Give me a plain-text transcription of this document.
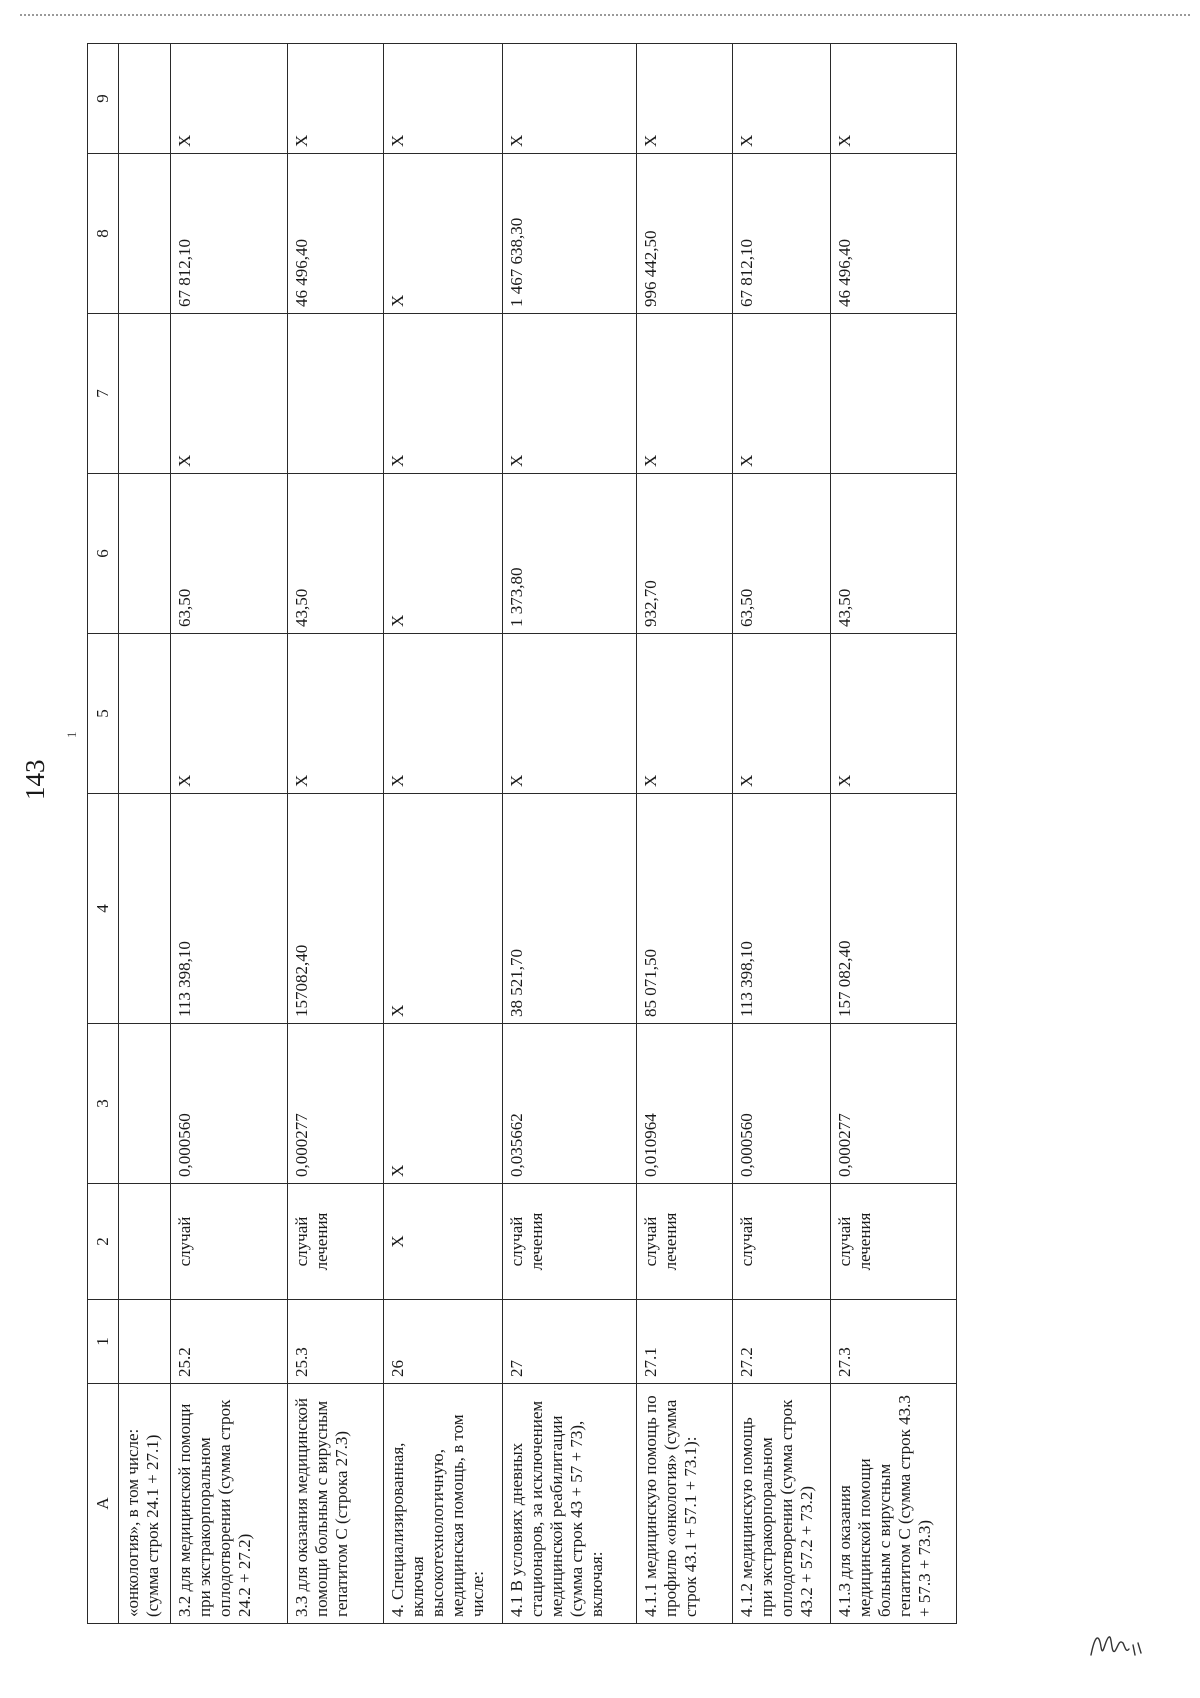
143
1
A	1	2	3	4	5	6	7	8	9
«онкология», в том числе: (сумма строк 24.1 + 27.1)									
3.2 для медицинской помощи при экстракорпоральном оплодотворении (сумма строк 24.2 + 27.2)	25.2	случай	0,000560	113 398,10	X	63,50	X	67 812,10	X
3.3 для оказания медицинской помощи больным с вирусным гепатитом С (строка 27.3)	25.3	случай лечения	0,000277	157082,40	X	43,50		46 496,40	X
4. Специализированная, включая высокотехнологичную, медицинская помощь, в том числе:	26	X	X	X	X	X	X	X	X
4.1 В условиях дневных стационаров, за исключением медицинской реабилитации (сумма строк 43 + 57 + 73), включая:	27	случай лечения	0,035662	38 521,70	X	1 373,80	X	1 467 638,30	X
4.1.1 медицинскую помощь по профилю «онкология» (сумма строк 43.1 + 57.1 + 73.1):	27.1	случай лечения	0,010964	85 071,50	X	932,70	X	996 442,50	X
4.1.2 медицинскую помощь при экстракорпоральном оплодотворении (сумма строк 43.2 + 57.2 + 73.2)	27.2	случай	0,000560	113 398,10	X	63,50	X	67 812,10	X
4.1.3 для оказания медицинской помощи больным с вирусным гепатитом С (сумма строк 43.3 + 57.3 + 73.3)	27.3	случай лечения	0,000277	157 082,40	X	43,50		46 496,40	X
